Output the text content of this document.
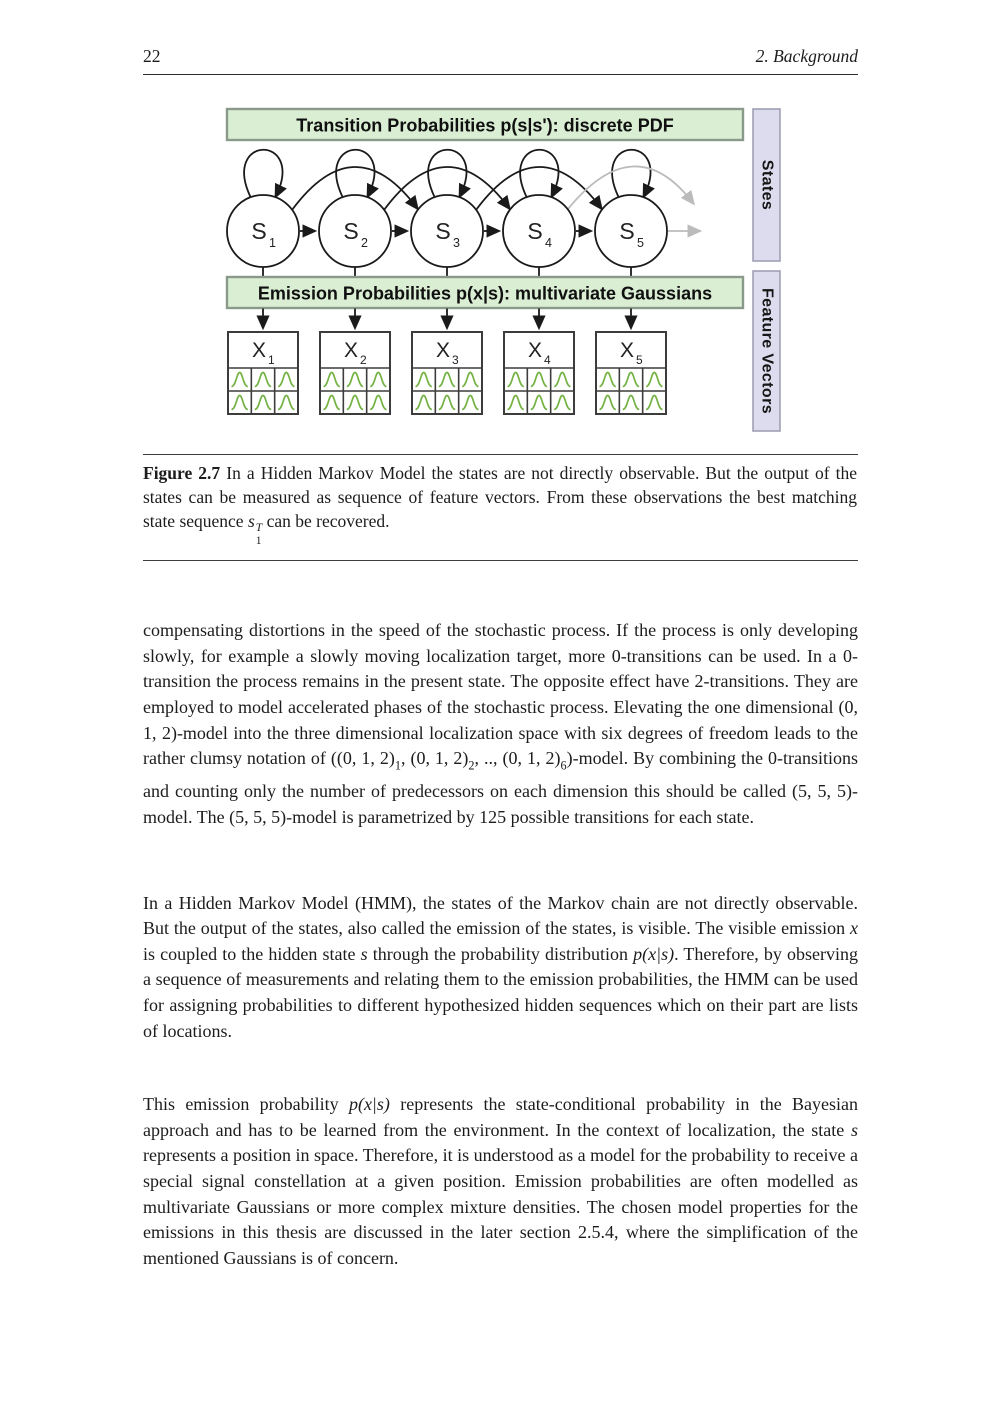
22	2. Background
Transition Probabilities p(s|s'): discrete PDF
States
S 1	S 2	S 3	S 4	S 5
Emission Probabilities p(x|s): multivariate Gaussians	Feature Vectors
X 1	X 2	X 3	X 4	X 5
Figure 2.7 In a Hidden Markov Model the states are not directly observable. But the output of the states can be measured as sequence of feature vectors. From these observations the best matching state sequence s T
1
can be recovered.

compensating distortions in the speed of the stochastic process. If the process is only developing slowly, for example a slowly moving localization target, more 0-transitions can be used. In a 0-transition the process remains in the present state. The opposite effect have 2-transitions. They are employed to model accelerated phases of the stochastic process. Elevating the one dimensional (0, 1, 2)-model into the three dimensional localization space with six degrees of freedom leads to the rather clumsy notation of ((0, 1, $2)_1$, (0, 1, $2)_2$, .., (0, 1, $2)_6$)-model. By combining the 0-transitions and counting only the number of predecessors on each dimension this should be called (5, 5, 5)-model. The (5, 5, 5)-model is parametrized by 125 possible transitions for each state.

In a Hidden Markov Model (HMM), the states of the Markov chain are not directly observable. But the output of the states, also called the emission of the states, is visible. The visible emission x is coupled to the hidden state s through the probability distribution p(x|s). Therefore, by observing a sequence of measurements and relating them to the emission probabilities, the HMM can be used for assigning probabilities to different hypothesized hidden sequences which on their part are lists of locations.

This emission probability p(x|s) represents the state-conditional probability in the Bayesian approach and has to be learned from the environment. In the context of localization, the state s represents a position in space. Therefore, it is understood as a model for the probability to receive a special signal constellation at a given position. Emission probabilities are often modelled as multivariate Gaussians or more complex mixture densities. The chosen model properties for the emissions in this thesis are discussed in the later section 2.5.4, where the simplification of the mentioned Gaussians is of concern.
